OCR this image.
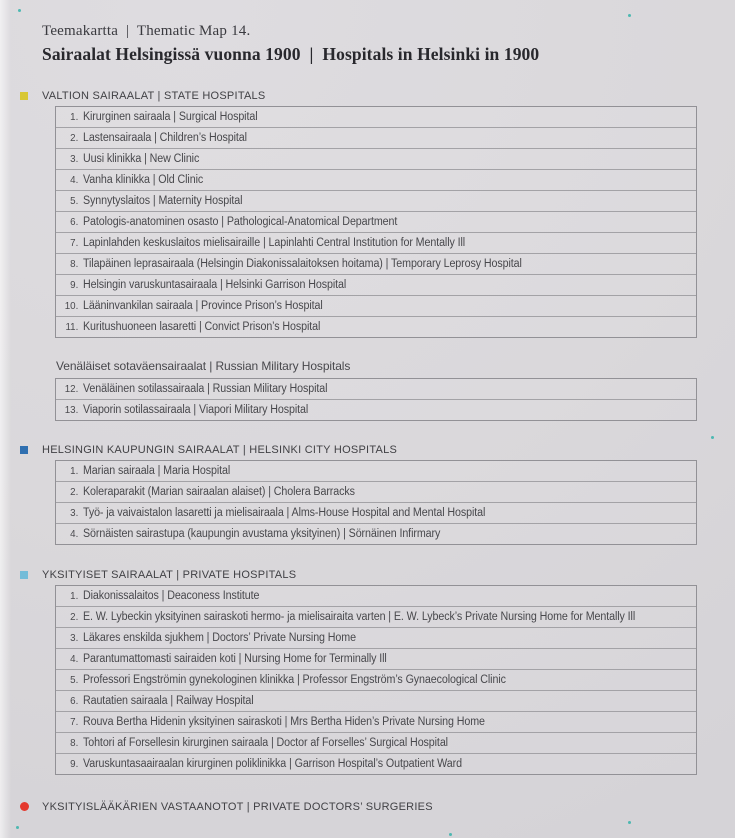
Teemakartta  |  Thematic Map 14.
Sairaalat Helsingissä vuonna 1900  |  Hospitals in Helsinki in 1900
VALTION SAIRAALAT | STATE HOSPITALS
1. Kirurginen sairaala | Surgical Hospital
2. Lastensairaala | Children’s Hospital
3. Uusi klinikka | New Clinic
4. Vanha klinikka | Old Clinic
5. Synnytyslaitos | Maternity Hospital
6. Patologis-anatominen osasto | Pathological-Anatomical Department
7. Lapinlahden keskuslaitos mielisairaille | Lapinlahti Central Institution for Mentally Ill
8. Tilapäinen leprasairaala (Helsingin Diakonissalaitoksen hoitama) | Temporary Leprosy Hospital
9. Helsingin varuskuntasairaala | Helsinki Garrison Hospital
10. Lääninvankilan sairaala | Province Prison’s Hospital
11. Kuritushuoneen lasaretti | Convict Prison’s Hospital
Venäläiset sotaväensairaalat | Russian Military Hospitals
12. Venäläinen sotilassairaala | Russian Military Hospital
13. Viaporin sotilassairaala | Viapori Military Hospital
HELSINGIN KAUPUNGIN SAIRAALAT | HELSINKI CITY HOSPITALS
1. Marian sairaala | Maria Hospital
2. Koleraparakit (Marian sairaalan alaiset) | Cholera Barracks
3. Työ- ja vaivaistalon lasaretti ja mielisairaala | Alms-House Hospital and Mental Hospital
4. Sörnäisten sairastupa (kaupungin avustama yksityinen) | Sörnäinen Infirmary
YKSITYISET SAIRAALAT | PRIVATE HOSPITALS
1. Diakonissalaitos | Deaconess Institute
2. E. W. Lybeckin yksityinen sairaskoti hermo- ja mielisairaita varten | E. W. Lybeck’s Private Nursing Home for Mentally Ill
3. Läkares enskilda sjukhem | Doctors’ Private Nursing Home
4. Parantumattomasti sairaiden koti | Nursing Home for Terminally Ill
5. Professori Engströmin gynekologinen klinikka | Professor Engström’s Gynaecological Clinic
6. Rautatien sairaala | Railway Hospital
7. Rouva Bertha Hidenin yksityinen sairaskoti | Mrs Bertha Hiden’s Private Nursing Home
8. Tohtori af Forsellesin kirurginen sairaala | Doctor af Forselles’ Surgical Hospital
9. Varuskuntasaairaalan kirurginen poliklinikka | Garrison Hospital’s Outpatient Ward
YKSITYISLÄÄKÄRIEN VASTAANOTOT | PRIVATE DOCTORS’ SURGERIES
